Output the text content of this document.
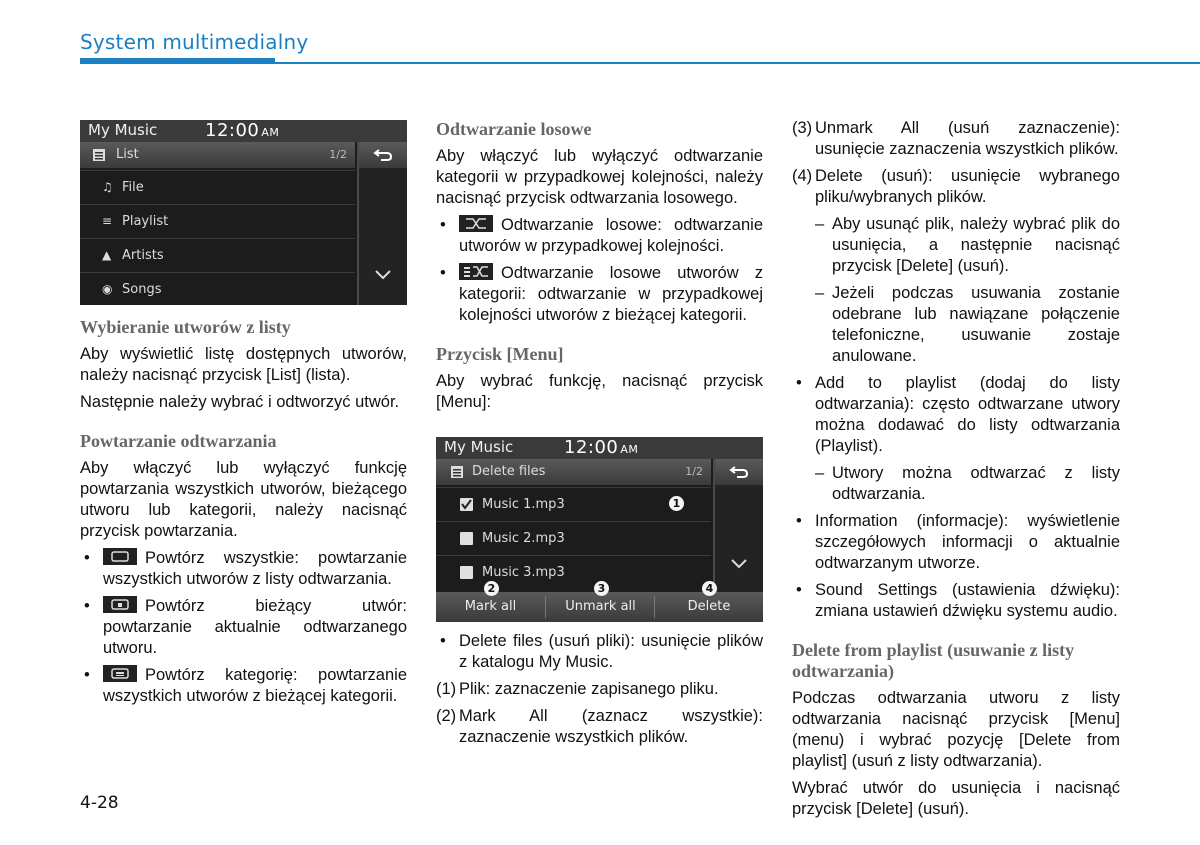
System multimedialny
My Music	12:00 AM
List	1/2
♫ File
≡ Playlist
▲ Artists
◉ Songs
Wybieranie utworów z listy

Aby wyświetlić listę dostępnych utworów, należy nacisnąć przycisk [List] (lista).

Następnie należy wybrać i odtworzyć utwór.

Powtarzanie odtwarzania

Aby włączyć lub wyłączyć funkcję powtarzania wszystkich utworów, bieżącego utworu lub kategorii, należy nacisnąć przycisk powtarzania.

•	Powtórz wszystkie: powtarzanie wszystkich utworów z listy odtwarzania.
•	Powtórz bieżący utwór: powtarzanie aktualnie odtwarzanego utworu.
•	Powtórz kategorię: powtarzanie wszystkich utworów z bieżącej kategorii.
Odtwarzanie losowe

Aby włączyć lub wyłączyć odtwarzanie kategorii w przypadkowej kolejności, należy nacisnąć przycisk odtwarzania losowego.

•	Odtwarzanie losowe: odtwarzanie utworów w przypadkowej kolejności.
•	Odtwarzanie losowe utworów z kategorii: odtwarzanie w przypadkowej kolejności utworów z bieżącej kategorii.
Przycisk [Menu]

Aby wybrać funkcję, nacisnąć przycisk [Menu]:

My Music	12:00 AM
Delete files	1/2
Music 1.mp3
Music 2.mp3
Music 3.mp3
Mark all	Unmark all	Delete
1
2	3	4
• Delete files (usuń pliki): usunięcie plików z katalogu My Music.
(1) Plik: zaznaczenie zapisanego pliku.
(2) Mark All (zaznacz wszystkie): zaznaczenie wszystkich plików.
(3) Unmark All (usuń zaznaczenie): usunięcie zaznaczenia wszystkich plików.
(4) Delete (usuń): usunięcie wybranego pliku/wybranych plików.
– Aby usunąć plik, należy wybrać plik do usunięcia, a następnie nacisnąć przycisk [Delete] (usuń).
– Jeżeli podczas usuwania zostanie odebrane lub nawiązane połączenie telefoniczne, usuwanie zostaje anulowane.
• Add to playlist (dodaj do listy odtwarzania): często odtwarzane utwory można dodawać do listy odtwarzania (Playlist).
– Utwory można odtwarzać z listy odtwarzania.
• Information (informacje): wyświetlenie szczegółowych informacji o aktualnie odtwarzanym utworze.
• Sound Settings (ustawienia dźwięku): zmiana ustawień dźwięku systemu audio.
Delete from playlist (usuwanie z listy odtwarzania)

Podczas odtwarzania utworu z listy odtwarzania nacisnąć przycisk [Menu] (menu) i wybrać pozycję [Delete from playlist] (usuń z listy odtwarzania).

Wybrać utwór do usunięcia i nacisnąć przycisk [Delete] (usuń).

4-28
